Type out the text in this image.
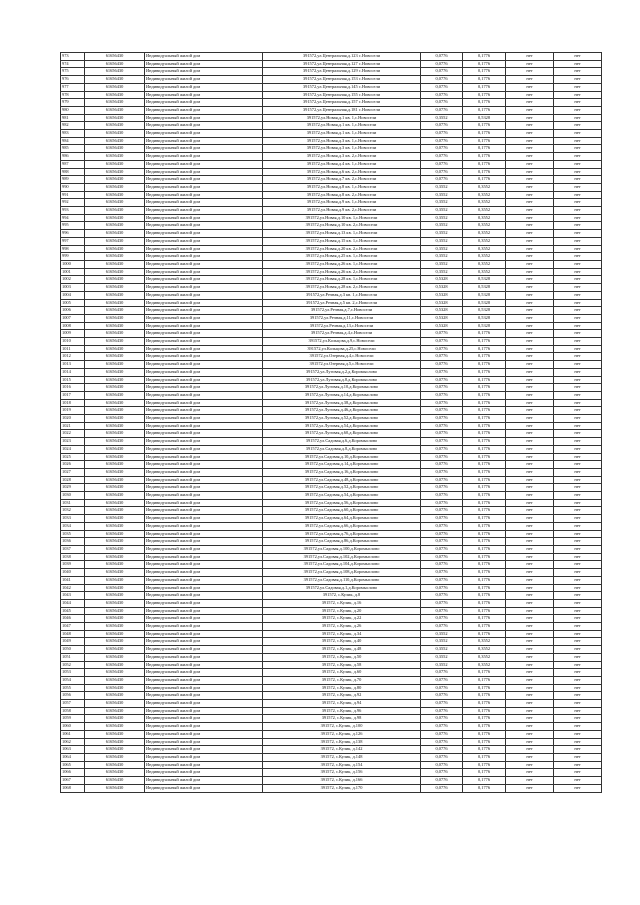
973	61656430	Индивидуальный жилой дом	391572,ул.Центральная,д.123 с.Новосели	0,0776	0,1776	нет	нет
974	61656430	Индивидуальный жилой дом	391572,ул.Центральная,д.127 с.Новосели	0,0776	0,1776	нет	нет
975	61656430	Индивидуальный жилой дом	391572,ул.Центральная,д.129 с.Новосели	0,0776	0,1776	нет	нет
976	61656430	Индивидуальный жилой дом	391572,ул.Центральная,д.153 с.Новосели	0,0776	0,1776	нет	нет
977	61656430	Индивидуальный жилой дом	391572,ул.Центральная,д.145 с.Новосели	0,0776	0,1776	нет	нет
978	61656430	Индивидуальный жилой дом	391572,ул.Центральная,д.155 с.Новосели	0,0776	0,1776	нет	нет
979	61656430	Индивидуальный жилой дом	391572,ул.Центральная,д.157 с.Новосели	0,0776	0,1776	нет	нет
980	61656430	Индивидуальный жилой дом	391572,ул.Центральная,д.181 с.Новосели	0,0776	0,1776	нет	нет
981	61656430	Индивидуальный жилой дом	391572,ул.Новая,д.1 кв. 1,с.Новосели	0,3552	0,5328	нет	нет
982	61656430	Индивидуальный жилой дом	391572,ул.Новая,д.1 кв. 1,с.Новосели	0,0776	0,1776	нет	нет
983	61656430	Индивидуальный жилой дом	391572,ул.Новая,д.1 кв. 1,с.Новосели	0,0776	0,1776	нет	нет
984	61656430	Индивидуальный жилой дом	391572,ул.Новая,д.3 кв. 1,с.Новосели	0,0776	0,1776	нет	нет
985	61656430	Индивидуальный жилой дом	391572,ул.Новая,д.3 кв. 1,с.Новосели	0,0776	0,1776	нет	нет
986	61656430	Индивидуальный жилой дом	391572,ул.Новая,д.3 кв. 2,с.Новосели	0,0776	0,1776	нет	нет
987	61656430	Индивидуальный жилой дом	391572,ул.Новая,д.4 кв. 1,с.Новосели	0,0776	0,1776	нет	нет
988	61656430	Индивидуальный жилой дом	391572,ул.Новая,д.6 кв. 2,с.Новосели	0,0776	0,1776	нет	нет
989	61656430	Индивидуальный жилой дом	391572,ул.Новая,д.7 кв. 2,с.Новосели	0,0776	0,1776	нет	нет
990	61656430	Индивидуальный жилой дом	391572,ул.Новая,д.8 кв. 1,с.Новосели	0,3552	0,3552	нет	нет
991	61656430	Индивидуальный жилой дом	391572,ул.Новая,д.8 кв. 2,с.Новосели	0,3552	0,3552	нет	нет
992	61656430	Индивидуальный жилой дом	391572,ул.Новая,д.9 кв. 1,с.Новосели	0,3552	0,3552	нет	нет
993	61656430	Индивидуальный жилой дом	391572,ул.Новая,д.9 кв. 2,с.Новосели	0,3552	0,3552	нет	нет
994	61656430	Индивидуальный жилой дом	391572,ул.Новая,д.10 кв. 1,с.Новосели	0,3552	0,3552	нет	нет
995	61656430	Индивидуальный жилой дом	391572,ул.Новая,д.10 кв. 2,с.Новосели	0,3552	0,3552	нет	нет
996	61656430	Индивидуальный жилой дом	391572,ул.Новая,д.13 кв. 1,с.Новосели	0,3552	0,3552	нет	нет
997	61656430	Индивидуальный жилой дом	391572,ул.Новая,д.15 кв. 1,с.Новосели	0,3552	0,3552	нет	нет
998	61656430	Индивидуальный жилой дом	391572,ул.Новая,д.20 кв. 2,с.Новосели	0,3552	0,3552	нет	нет
999	61656430	Индивидуальный жилой дом	391572,ул.Новая,д.25 кв. 1,с.Новосели	0,3552	0,3552	нет	нет
1000	61656430	Индивидуальный жилой дом	391572,ул.Новая,д.26 кв. 1,с.Новосели	0,3552	0,3552	нет	нет
1001	61656430	Индивидуальный жилой дом	391572,ул.Новая,д.26 кв. 2,с.Новосели	0,3552	0,3552	нет	нет
1002	61656430	Индивидуальный жилой дом	391572,ул.Новая,д.28 кв. 1,с.Новосели	0,5328	0,5328	нет	нет
1003	61656430	Индивидуальный жилой дом	391572,ул.Новая,д.28 кв. 2,с.Новосели	0,5328	0,5328	нет	нет
1004	61656430	Индивидуальный жилой дом	391572,ул.Речная,д.3 кв. 1,с.Новосели	0,5328	0,5328	нет	нет
1005	61656430	Индивидуальный жилой дом	391572,ул.Речная,д.5 кв. 2,с.Новосели	0,5328	0,5328	нет	нет
1006	61656430	Индивидуальный жилой дом	391572,ул.Речная,д.7,с.Новосели	0,5328	0,5328	нет	нет
1007	61656430	Индивидуальный жилой дом	391572,ул.Речная,д.11,с.Новосели	0,5328	0,5328	нет	нет
1008	61656430	Индивидуальный жилой дом	391572,ул.Речная,д.13,с.Новосели	0,5328	0,5328	нет	нет
1009	61656430	Индивидуальный жилой дом	391572,ул.Речная,д.4,с.Новосели	0,0776	0,1776	нет	нет
1010	61656430	Индивидуальный жилой дом	391572,ул.Кольцова,д.9,с.Новосели	0,0776	0,1776	нет	нет
1011	61656430	Индивидуальный жилой дом	391572,ул.Кольцова,д.25,с.Новосели	0,0776	0,1776	нет	нет
1012	61656430	Индивидуальный жилой дом	391572,ул.Озерная,д.4,с.Новосели	0,0776	0,1776	нет	нет
1013	61656430	Индивидуальный жилой дом	391572,ул.Озерная,д.5,с.Новосели	0,0776	0,1776	нет	нет
1014	61656430	Индивидуальный жилой дом	391572,ул.Луговая,д.2,д.Коромыслово	0,0776	0,1776	нет	нет
1015	61656430	Индивидуальный жилой дом	391572,ул.Луговая,д.8,д.Коромыслово	0,0776	0,1776	нет	нет
1016	61656430	Индивидуальный жилой дом	391572,ул.Луговая,д.10,д.Коромыслово	0,0776	0,1776	нет	нет
1017	61656430	Индивидуальный жилой дом	391572,ул.Луговая,д.14,д.Коромыслово	0,0776	0,1776	нет	нет
1018	61656430	Индивидуальный жилой дом	391572,ул.Луговая,д.38,д.Коромыслово	0,0776	0,1776	нет	нет
1019	61656430	Индивидуальный жилой дом	391572,ул.Луговая,д.46,д.Коромыслово	0,0776	0,1776	нет	нет
1020	61656430	Индивидуальный жилой дом	391572,ул.Луговая,д.52,д.Коромыслово	0,0776	0,1776	нет	нет
1021	61656430	Индивидуальный жилой дом	391572,ул.Луговая,д.54,д.Коромыслово	0,0776	0,1776	нет	нет
1022	61656430	Индивидуальный жилой дом	391572,ул.Луговая,д.60,д.Коромыслово	0,0776	0,1776	нет	нет
1023	61656430	Индивидуальный жилой дом	391572,ул.Садовая,д.6,д.Коромыслово	0,0776	0,1776	нет	нет
1024	61656430	Индивидуальный жилой дом	391572,ул.Садовая,д.8,д.Коромыслово	0,0776	0,1776	нет	нет
1025	61656430	Индивидуальный жилой дом	391572,ул.Садовая,д.10,д.Коромыслово	0,0776	0,1776	нет	нет
1026	61656430	Индивидуальный жилой дом	391572,ул.Садовая,д.14,д.Коромыслово	0,0776	0,1776	нет	нет
1027	61656430	Индивидуальный жилой дом	391572,ул.Садовая,д.16,д.Коромыслово	0,0776	0,1776	нет	нет
1028	61656430	Индивидуальный жилой дом	391572,ул.Садовая,д.48,д.Коромыслово	0,0776	0,1776	нет	нет
1029	61656430	Индивидуальный жилой дом	391572,ул.Садовая,д.52,д.Коромыслово	0,0776	0,1776	нет	нет
1030	61656430	Индивидуальный жилой дом	391572,ул.Садовая,д.54,д.Коромыслово	0,0776	0,1776	нет	нет
1031	61656430	Индивидуальный жилой дом	391572,ул.Садовая,д.56,д.Коромыслово	0,0776	0,1776	нет	нет
1032	61656430	Индивидуальный жилой дом	391572,ул.Садовая,д.60,д.Коромыслово	0,0776	0,1776	нет	нет
1033	61656430	Индивидуальный жилой дом	391572,ул.Садовая,д.64,д.Коромыслово	0,0776	0,1776	нет	нет
1034	61656430	Индивидуальный жилой дом	391572,ул.Садовая,д.66,д.Коромыслово	0,0776	0,1776	нет	нет
1035	61656430	Индивидуальный жилой дом	391572,ул.Садовая,д.76,д.Коромыслово	0,0776	0,1776	нет	нет
1036	61656430	Индивидуальный жилой дом	391572,ул.Садовая,д.86,д.Коромыслово	0,0776	0,1776	нет	нет
1037	61656430	Индивидуальный жилой дом	391572,ул.Садовая,д.100,д.Коромыслово	0,0776	0,1776	нет	нет
1038	61656430	Индивидуальный жилой дом	391572,ул.Садовая,д.102,д.Коромыслово	0,0776	0,1776	нет	нет
1039	61656430	Индивидуальный жилой дом	391572,ул.Садовая,д.104,д.Коромыслово	0,0776	0,1776	нет	нет
1040	61656430	Индивидуальный жилой дом	391572,ул.Садовая,д.108,д.Коромыслово	0,0776	0,1776	нет	нет
1041	61656430	Индивидуальный жилой дом	391572,ул.Садовая,д.110,д.Коромыслово	0,0776	0,1776	нет	нет
1042	61656430	Индивидуальный жилой дом	391572,ул.Садовая,д.1,д.Коромыслово	0,0776	0,1776	нет	нет
1043	61656430	Индивидуальный жилой дом	391572, с.Кулик, д.8	0,0776	0,1776	нет	нет
1044	61656430	Индивидуальный жилой дом	391572, с.Кулик, д.16	0,0776	0,1776	нет	нет
1045	61656430	Индивидуальный жилой дом	391572, с.Кулик, д.20	0,0776	0,1776	нет	нет
1046	61656430	Индивидуальный жилой дом	391572, с.Кулик, д.22	0,0776	0,1776	нет	нет
1047	61656430	Индивидуальный жилой дом	391572, с.Кулик, д.26	0,0776	0,1776	нет	нет
1048	61656430	Индивидуальный жилой дом	391572, с.Кулик, д.34	0,3552	0,1776	нет	нет
1049	61656430	Индивидуальный жилой дом	391572, с.Кулик, д.40	0,3552	0,3552	нет	нет
1050	61656430	Индивидуальный жилой дом	391572, с.Кулик, д.48	0,3552	0,3552	нет	нет
1051	61656430	Индивидуальный жилой дом	391572, с.Кулик, д.50	0,3552	0,3552	нет	нет
1052	61656430	Индивидуальный жилой дом	391572, с.Кулик, д.58	0,3552	0,3552	нет	нет
1053	61656430	Индивидуальный жилой дом	391572, с.Кулик, д.60	0,0776	0,1776	нет	нет
1054	61656430	Индивидуальный жилой дом	391572, с.Кулик, д.70	0,0776	0,1776	нет	нет
1055	61656430	Индивидуальный жилой дом	391572, с.Кулик, д.80	0,0776	0,1776	нет	нет
1056	61656430	Индивидуальный жилой дом	391572, с.Кулик, д.92	0,0776	0,1776	нет	нет
1057	61656430	Индивидуальный жилой дом	391572, с.Кулик, д.94	0,0776	0,1776	нет	нет
1058	61656430	Индивидуальный жилой дом	391572, с.Кулик, д.96	0,0776	0,1776	нет	нет
1059	61656430	Индивидуальный жилой дом	391572, с.Кулик, д.98	0,0776	0,1776	нет	нет
1060	61656430	Индивидуальный жилой дом	391572, с.Кулик, д.100	0,0776	0,1776	нет	нет
1061	61656430	Индивидуальный жилой дом	391572, с.Кулик, д.126	0,0776	0,1776	нет	нет
1062	61656430	Индивидуальный жилой дом	391572, с.Кулик, д.138	0,0776	0,1776	нет	нет
1063	61656430	Индивидуальный жилой дом	391572, с.Кулик, д.142	0,0776	0,1776	нет	нет
1064	61656430	Индивидуальный жилой дом	391572, с.Кулик, д.148	0,0776	0,1776	нет	нет
1065	61656430	Индивидуальный жилой дом	391572, с.Кулик, д.154	0,0776	0,1776	нет	нет
1066	61656430	Индивидуальный жилой дом	391572, с.Кулик, д.156	0,0776	0,1776	нет	нет
1067	61656430	Индивидуальный жилой дом	391572, с.Кулик, д.166	0,0776	0,1776	нет	нет
1068	61656430	Индивидуальный жилой дом	391572, с.Кулик, д.170	0,0776	0,1776	нет	нет
